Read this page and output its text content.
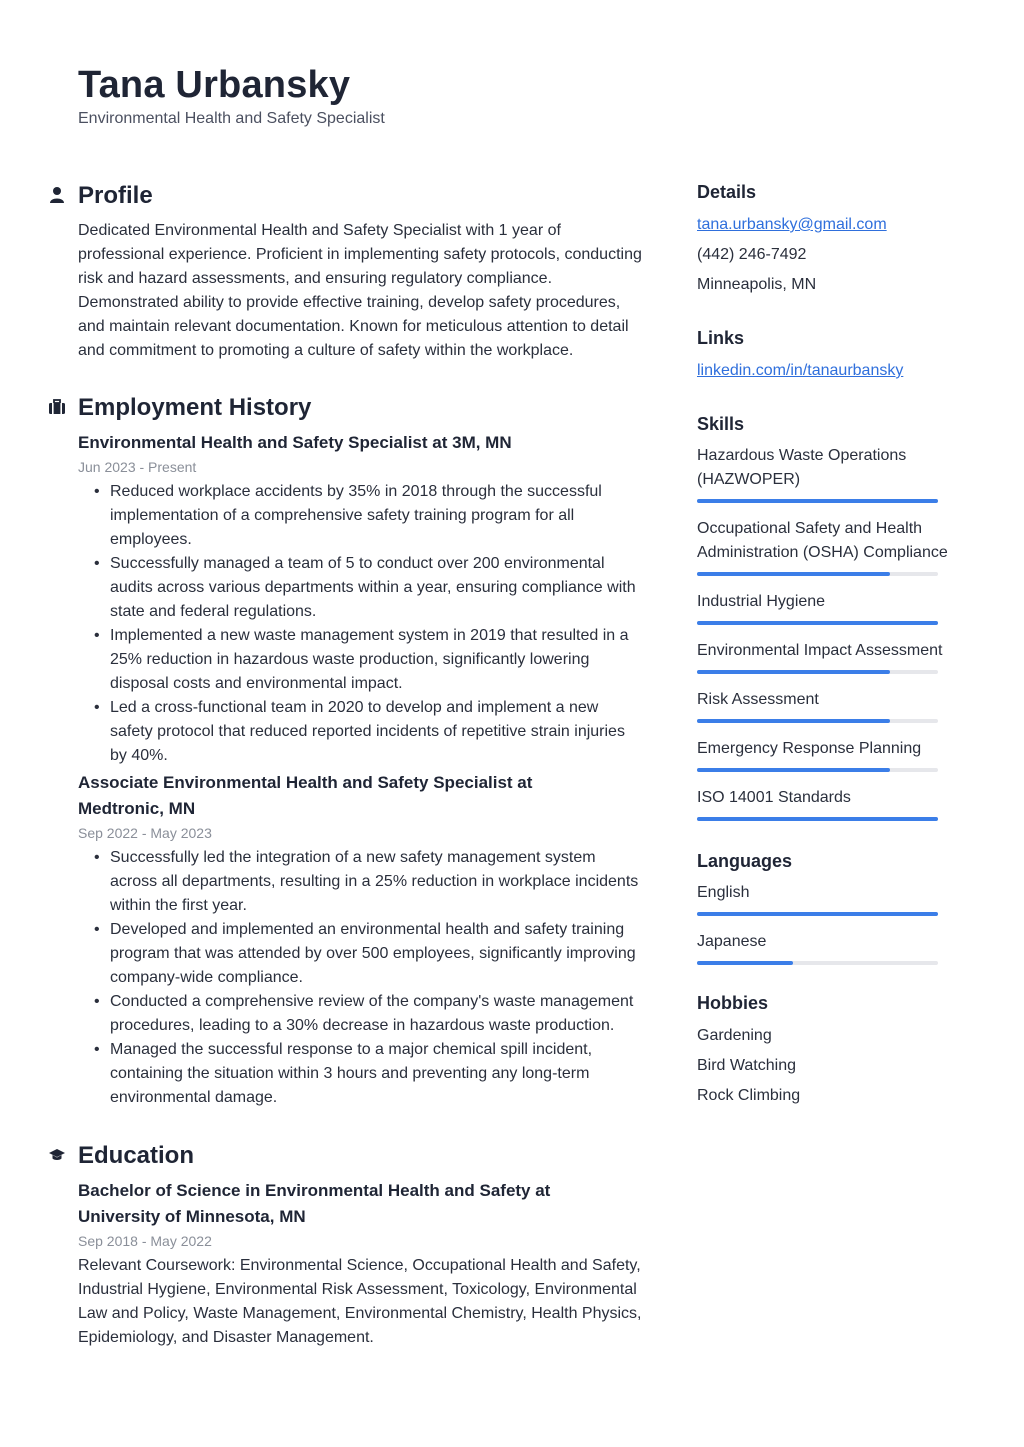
Tana Urbansky
Environmental Health and Safety Specialist
Profile
Dedicated Environmental Health and Safety Specialist with 1 year of professional experience. Proficient in implementing safety protocols, conducting risk and hazard assessments, and ensuring regulatory compliance. Demonstrated ability to provide effective training, develop safety procedures, and maintain relevant documentation. Known for meticulous attention to detail and commitment to promoting a culture of safety within the workplace.
Employment History
Environmental Health and Safety Specialist at 3M, MN
Jun 2023 - Present
• Reduced workplace accidents by 35% in 2018 through the successful implementation of a comprehensive safety training program for all employees.
• Successfully managed a team of 5 to conduct over 200 environmental audits across various departments within a year, ensuring compliance with state and federal regulations.
• Implemented a new waste management system in 2019 that resulted in a 25% reduction in hazardous waste production, significantly lowering disposal costs and environmental impact.
• Led a cross-functional team in 2020 to develop and implement a new safety protocol that reduced reported incidents of repetitive strain injuries by 40%.
Associate Environmental Health and Safety Specialist at Medtronic, MN
Sep 2022 - May 2023
• Successfully led the integration of a new safety management system across all departments, resulting in a 25% reduction in workplace incidents within the first year.
• Developed and implemented an environmental health and safety training program that was attended by over 500 employees, significantly improving company-wide compliance.
• Conducted a comprehensive review of the company's waste management procedures, leading to a 30% decrease in hazardous waste production.
• Managed the successful response to a major chemical spill incident, containing the situation within 3 hours and preventing any long-term environmental damage.
Education
Bachelor of Science in Environmental Health and Safety at University of Minnesota, MN
Sep 2018 - May 2022
Relevant Coursework: Environmental Science, Occupational Health and Safety, Industrial Hygiene, Environmental Risk Assessment, Toxicology, Environmental Law and Policy, Waste Management, Environmental Chemistry, Health Physics, Epidemiology, and Disaster Management.
Details
tana.urbansky@gmail.com
(442) 246-7492
Minneapolis, MN
Links
linkedin.com/in/tanaurbansky
Skills
Hazardous Waste Operations (HAZWOPER)
Occupational Safety and Health Administration (OSHA) Compliance
Industrial Hygiene
Environmental Impact Assessment
Risk Assessment
Emergency Response Planning
ISO 14001 Standards
Languages
English
Japanese
Hobbies
Gardening
Bird Watching
Rock Climbing
